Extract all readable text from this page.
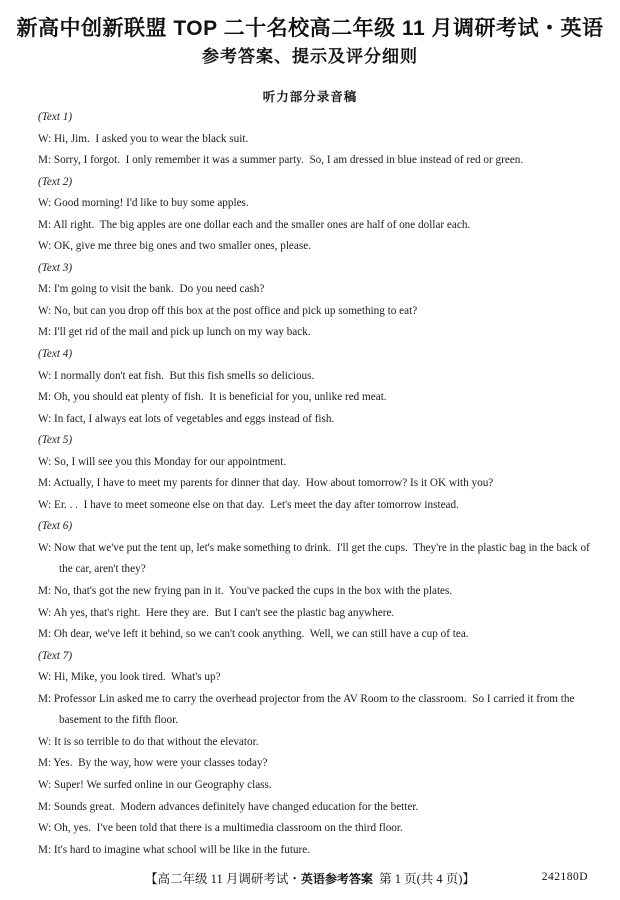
新高中创新联盟 TOP 二十名校高二年级 11 月调研考试・英语
参考答案、提示及评分细则
听力部分录音稿

(Text 1)

W: Hi, Jim.  I asked you to wear the black suit.

M: Sorry, I forgot.  I only remember it was a summer party.  So, I am dressed in blue instead of red or green.

(Text 2)

W: Good morning! I'd like to buy some apples.

M: All right.  The big apples are one dollar each and the smaller ones are half of one dollar each.

W: OK, give me three big ones and two smaller ones, please.

(Text 3)

M: I'm going to visit the bank.  Do you need cash?

W: No, but can you drop off this box at the post office and pick up something to eat?

M: I'll get rid of the mail and pick up lunch on my way back.

(Text 4)

W: I normally don't eat fish.  But this fish smells so delicious.

M: Oh, you should eat plenty of fish.  It is beneficial for you, unlike red meat.

W: In fact, I always eat lots of vegetables and eggs instead of fish.

(Text 5)

W: So, I will see you this Monday for our appointment.

M: Actually, I have to meet my parents for dinner that day.  How about tomorrow? Is it OK with you?

W: Er. . .  I have to meet someone else on that day.  Let's meet the day after tomorrow instead.

(Text 6)

W: Now that we've put the tent up, let's make something to drink.  I'll get the cups.  They're in the plastic bag in the back of the car, aren't they?

M: No, that's got the new frying pan in it.  You've packed the cups in the box with the plates.

W: Ah yes, that's right.  Here they are.  But I can't see the plastic bag anywhere.

M: Oh dear, we've left it behind, so we can't cook anything.  Well, we can still have a cup of tea.

(Text 7)

W: Hi, Mike, you look tired.  What's up?

M: Professor Lin asked me to carry the overhead projector from the AV Room to the classroom.  So I carried it from the basement to the fifth floor.

W: It is so terrible to do that without the elevator.

M: Yes.  By the way, how were your classes today?

W: Super! We surfed online in our Geography class.

M: Sounds great.  Modern advances definitely have changed education for the better.

W: Oh, yes.  I've been told that there is a multimedia classroom on the third floor.

M: It's hard to imagine what school will be like in the future.

【高二年级 11 月调研考试・英语参考答案  第 1 页(共 4 页)】	242180D
